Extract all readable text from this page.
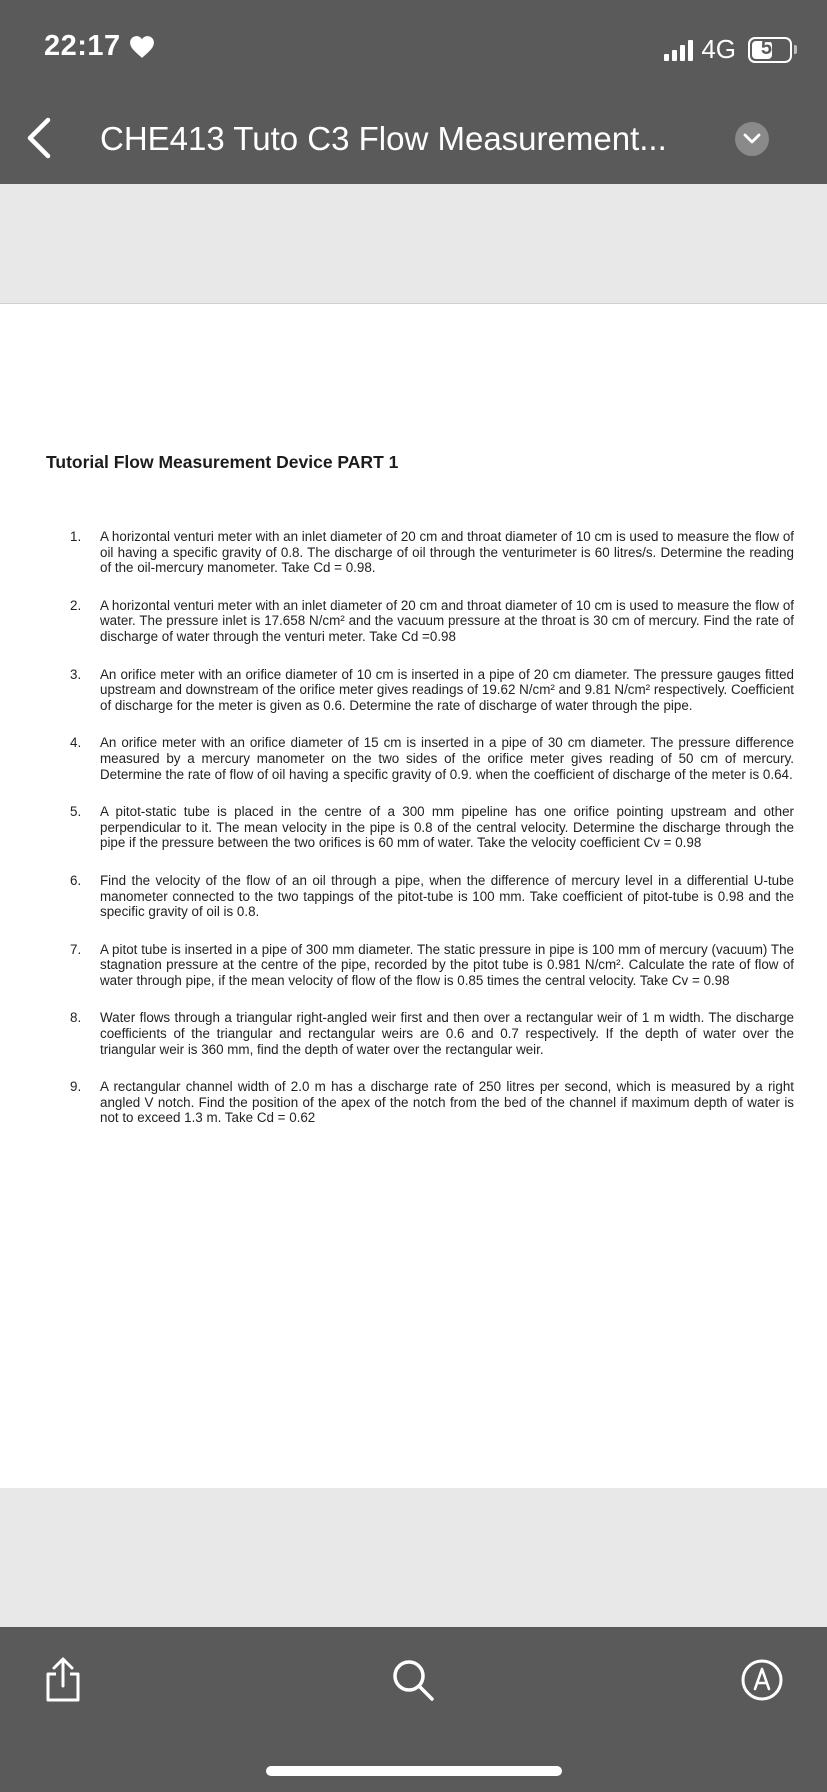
22:17	4G	51
CHE413 Tuto C3 Flow Measurement...
Tutorial Flow Measurement Device PART 1
1.	A horizontal venturi meter with an inlet diameter of 20 cm and throat diameter of 10 cm is used to measure the flow of oil having a specific gravity of 0.8. The discharge of oil through the venturimeter is 60 litres/s. Determine the reading of the oil-mercury manometer. Take Cd = 0.98.
2.	A horizontal venturi meter with an inlet diameter of 20 cm and throat diameter of 10 cm is used to measure the flow of water. The pressure inlet is 17.658 N/cm² and the vacuum pressure at the throat is 30 cm of mercury. Find the rate of discharge of water through the venturi meter. Take Cd =0.98
3.	An orifice meter with an orifice diameter of 10 cm is inserted in a pipe of 20 cm diameter. The pressure gauges fitted upstream and downstream of the orifice meter gives readings of 19.62 N/cm² and 9.81 N/cm² respectively. Coefficient of discharge for the meter is given as 0.6. Determine the rate of discharge of water through the pipe.
4.	An orifice meter with an orifice diameter of 15 cm is inserted in a pipe of 30 cm diameter. The pressure difference measured by a mercury manometer on the two sides of the orifice meter gives reading of 50 cm of mercury. Determine the rate of flow of oil having a specific gravity of 0.9. when the coefficient of discharge of the meter is 0.64.
5.	A pitot-static tube is placed in the centre of a 300 mm pipeline has one orifice pointing upstream and other perpendicular to it. The mean velocity in the pipe is 0.8 of the central velocity. Determine the discharge through the pipe if the pressure between the two orifices is 60 mm of water. Take the velocity coefficient Cv = 0.98
6.	Find the velocity of the flow of an oil through a pipe, when the difference of mercury level in a differential U-tube manometer connected to the two tappings of the pitot-tube is 100 mm. Take coefficient of pitot-tube is 0.98 and the specific gravity of oil is 0.8.
7.	A pitot tube is inserted in a pipe of 300 mm diameter. The static pressure in pipe is 100 mm of mercury (vacuum) The stagnation pressure at the centre of the pipe, recorded by the pitot tube is 0.981 N/cm². Calculate the rate of flow of water through pipe, if the mean velocity of flow of the flow is 0.85 times the central velocity. Take Cv = 0.98
8.	Water flows through a triangular right-angled weir first and then over a rectangular weir of 1 m width. The discharge coefficients of the triangular and rectangular weirs are 0.6 and 0.7 respectively. If the depth of water over the triangular weir is 360 mm, find the depth of water over the rectangular weir.
9.	A rectangular channel width of 2.0 m has a discharge rate of 250 litres per second, which is measured by a right angled V notch. Find the position of the apex of the notch from the bed of the channel if maximum depth of water is not to exceed 1.3 m. Take Cd = 0.62
